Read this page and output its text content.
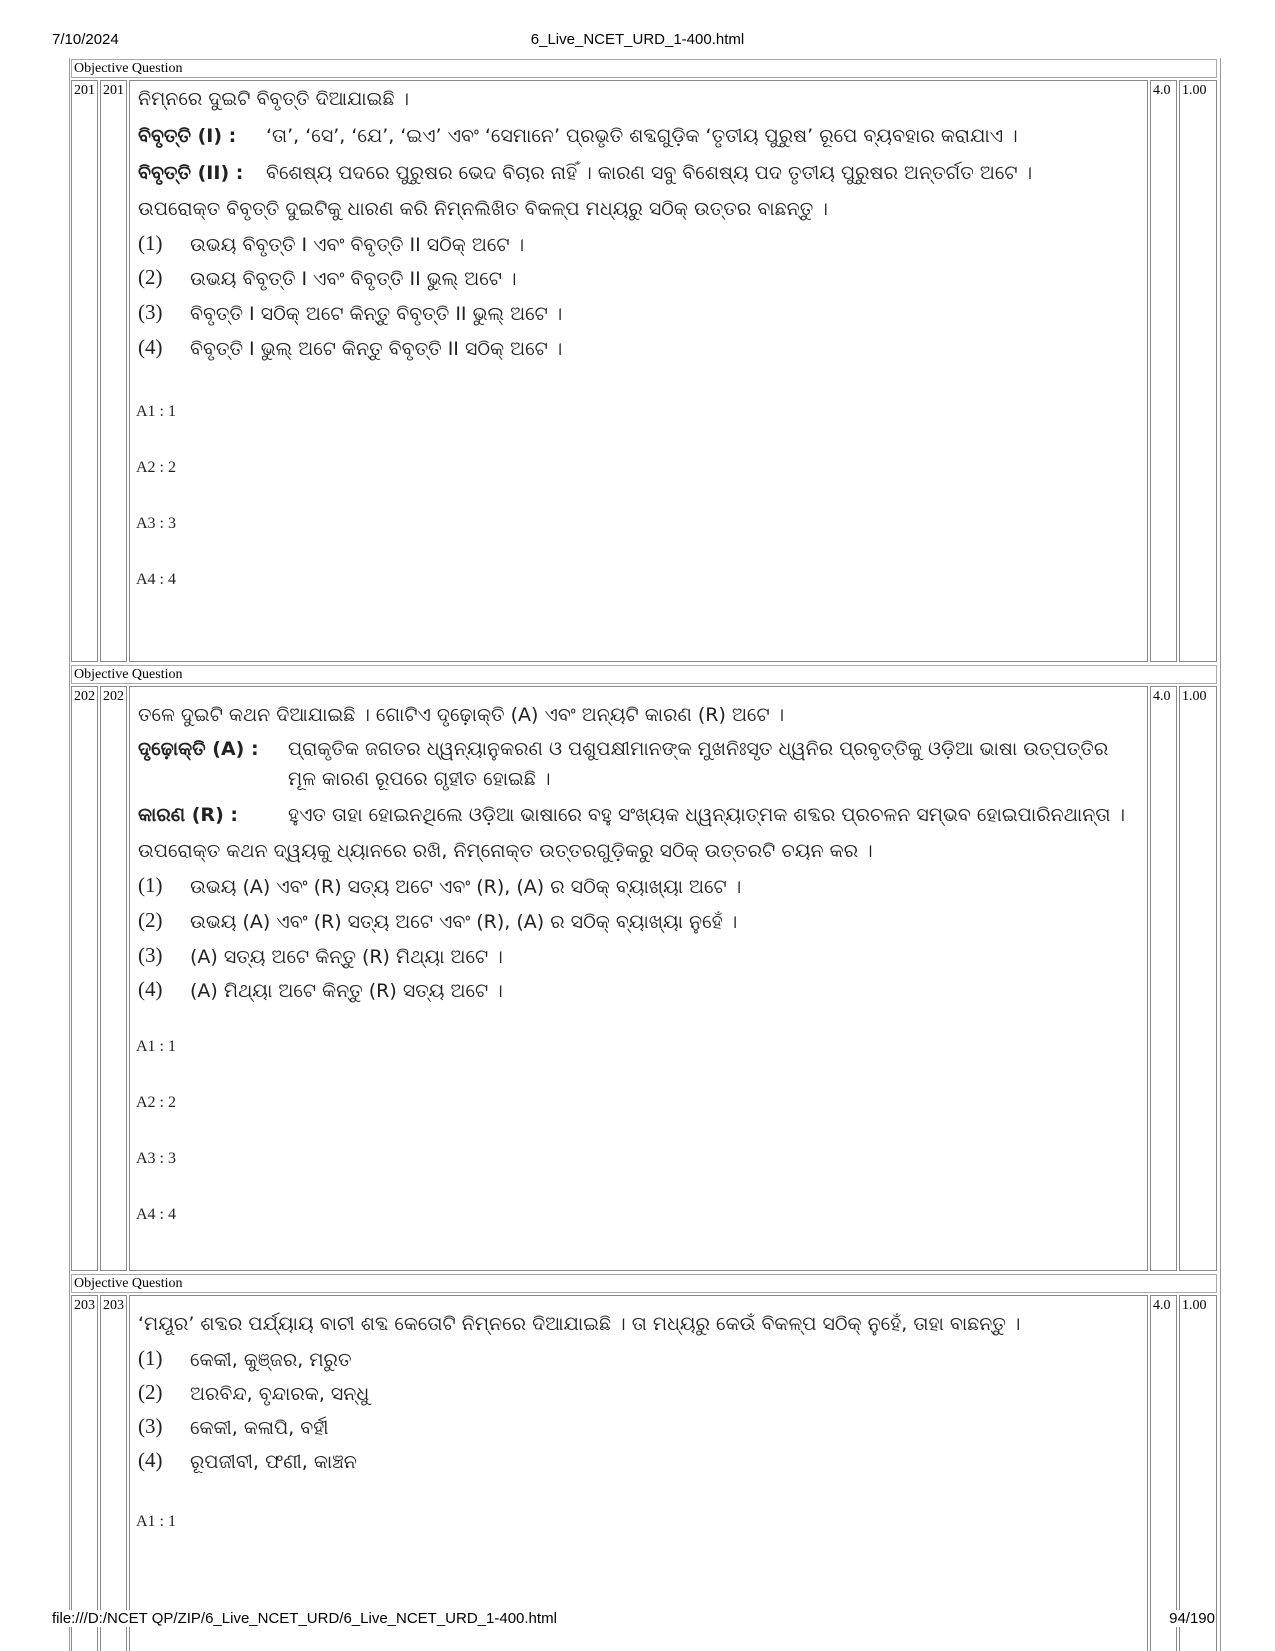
7/10/2024	6_Live_NCET_URD_1-400.html
Objective Question
201 201 ନିମ୍ନରେ ଦୁଇଟି ବିବୃତ୍ତି ଦିଆଯାଇଛି ।
ବିବୃତ୍ତି (I) : ‘ତା’, ‘ସେ’, ‘ଯେ’, ‘ଇଏ’ ଏବଂ ‘ସେମାନେ’ ପ୍ରଭୃତି ଶବ୍ଦଗୁଡ଼ିକ ‘ତୃତୀୟ ପୁରୁଷ’ ରୂପେ ବ୍ୟବହାର କରାଯାଏ ।
ବିବୃତ୍ତି (II) : ବିଶେଷ୍ୟ ପଦରେ ପୁରୁଷର ଭେଦ ବିଚାର ନାହିଁ । କାରଣ ସବୁ ବିଶେଷ୍ୟ ପଦ ତୃତୀୟ ପୁରୁଷର ଅନ୍ତର୍ଗତ ଅଟେ ।
ଉପରୋକ୍ତ ବିବୃତ୍ତି ଦୁଇଟିକୁ ଧାରଣ କରି ନିମ୍ନଲିଖିତ ବିକଳ୍ପ ମଧ୍ୟରୁ ସଠିକ୍ ଉତ୍ତର ବାଛନ୍ତୁ ।
(1) ଉଭୟ ବିବୃତ୍ତି I ଏବଂ ବିବୃତ୍ତି II ସଠିକ୍ ଅଟେ ।
(2) ଉଭୟ ବିବୃତ୍ତି I ଏବଂ ବିବୃତ୍ତି II ଭୁଲ୍ ଅଟେ ।
(3) ବିବୃତ୍ତି I ସଠିକ୍ ଅଟେ କିନ୍ତୁ ବିବୃତ୍ତି II ଭୁଲ୍ ଅଟେ ।
(4) ବିବୃତ୍ତି I ଭୁଲ୍ ଅଟେ କିନ୍ତୁ ବିବୃତ୍ତି II ସଠିକ୍ ଅଟେ ।
A1 : 1
A2 : 2
A3 : 3
A4 : 4
4.0 1.00
Objective Question
202 202
ତଳେ ଦୁଇଟି କଥନ ଦିଆଯାଇଛି । ଗୋଟିଏ ଦୃଢ଼ୋକ୍ତି (A) ଏବଂ ଅନ୍ୟଟି କାରଣ (R) ଅଟେ ।
ଦୃଢ଼ୋକ୍ତି (A) : ପ୍ରାକୃତିକ ଜଗତର ଧ୍ୱନ୍ୟାନୁକରଣ ଓ ପଶୁପକ୍ଷୀମାନଙ୍କ ମୁଖନିଃସୃତ ଧ୍ୱନିର ପ୍ରବୃତ୍ତିକୁ ଓଡ଼ିଆ ଭାଷା ଉତ୍ପତ୍ତିର
ମୂଳ କାରଣ ରୂପରେ ଗୃହୀତ ହୋଇଛି ।
କାରଣ (R) :	ହୁଏତ ତାହା ହୋଇନଥିଲେ ଓଡ଼ିଆ ଭାଷାରେ ବହୁ ସଂଖ୍ୟକ ଧ୍ୱନ୍ୟାତ୍ମକ ଶବ୍ଦର ପ୍ରଚଳନ ସମ୍ଭବ ହୋଇପାରିନଥାନ୍ତା ।
ଉପରୋକ୍ତ କଥନ ଦ୍ୱୟକୁ ଧ୍ୟାନରେ ରଖି, ନିମ୍ନୋକ୍ତ ଉତ୍ତରଗୁଡ଼ିକରୁ ସଠିକ୍ ଉତ୍ତରଟି ଚୟନ କର ।
(1) ଉଭୟ (A) ଏବଂ (R) ସତ୍ୟ ଅଟେ ଏବଂ (R), (A) ର ସଠିକ୍ ବ୍ୟାଖ୍ୟା ଅଟେ ।
(2) ଉଭୟ (A) ଏବଂ (R) ସତ୍ୟ ଅଟେ ଏବଂ (R), (A) ର ସଠିକ୍ ବ୍ୟାଖ୍ୟା ନୁହେଁ ।
(3) (A) ସତ୍ୟ ଅଟେ କିନ୍ତୁ (R) ମିଥ୍ୟା ଅଟେ ।
(4) (A) ମିଥ୍ୟା ଅଟେ କିନ୍ତୁ (R) ସତ୍ୟ ଅଟେ ।
A1 : 1
A2 : 2
A3 : 3
A4 : 4
4.0 1.00
Objective Question
203 203
‘ମୟୂର’ ଶବ୍ଦର ପର୍ଯ୍ୟାୟ ବାଚୀ ଶବ୍ଦ କେତୋଟି ନିମ୍ନରେ ଦିଆଯାଇଛି । ତା ମଧ୍ୟରୁ କେଉଁ ବିକଳ୍ପ ସଠିକ୍ ନୁହେଁ, ତାହା ବାଛନ୍ତୁ ।
(1) କେକୀ, କୁଞ୍ଜର, ମରୁତ
(2) ଅରବିନ୍ଦ, ବୃନ୍ଦାରକ, ସନ୍ଧୁ
(3) କେକୀ, କଳାପି, ବର୍ହୀ
(4) ରୂପଜୀବୀ, ଫଣୀ, କାଞ୍ଚନ
A1 : 1
4.0 1.00
file:///D:/NCET QP/ZIP/6_Live_NCET_URD/6_Live_NCET_URD_1-400.html	94/190
